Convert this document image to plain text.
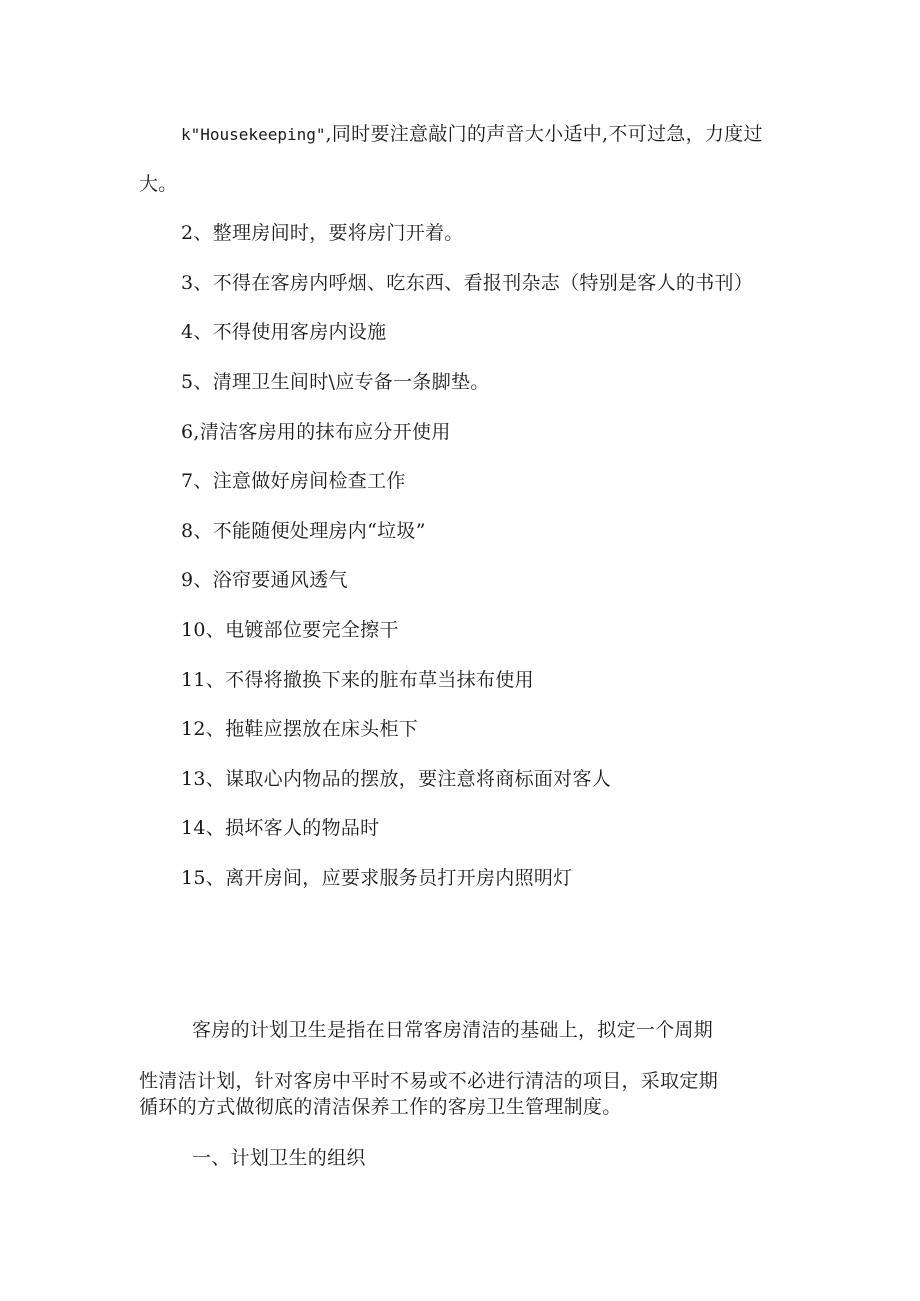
k"Housekeeping",同时要注意敲门的声音大小适中,不可过急，力度过
大。
2、整理房间时，要将房门开着。
3、不得在客房内呼烟、吃东西、看报刊杂志（特别是客人的书刊）
4、不得使用客房内设施
5、清理卫生间时\应专备一条脚垫。
6,清洁客房用的抹布应分开使用
7、注意做好房间检查工作
8、不能随便处理房内“垃圾”
9、浴帘要通风透气
10、电镀部位要完全擦干
11、不得将撤换下来的脏布草当抹布使用
12、拖鞋应摆放在床头柜下
13、谋取心内物品的摆放，要注意将商标面对客人
14、损坏客人的物品时
15、离开房间，应要求服务员打开房内照明灯
客房的计划卫生是指在日常客房清洁的基础上，拟定一个周期
性清洁计划，针对客房中平时不易或不必进行清洁的项目，采取定期
循环的方式做彻底的清洁保养工作的客房卫生管理制度。
一、计划卫生的组织
